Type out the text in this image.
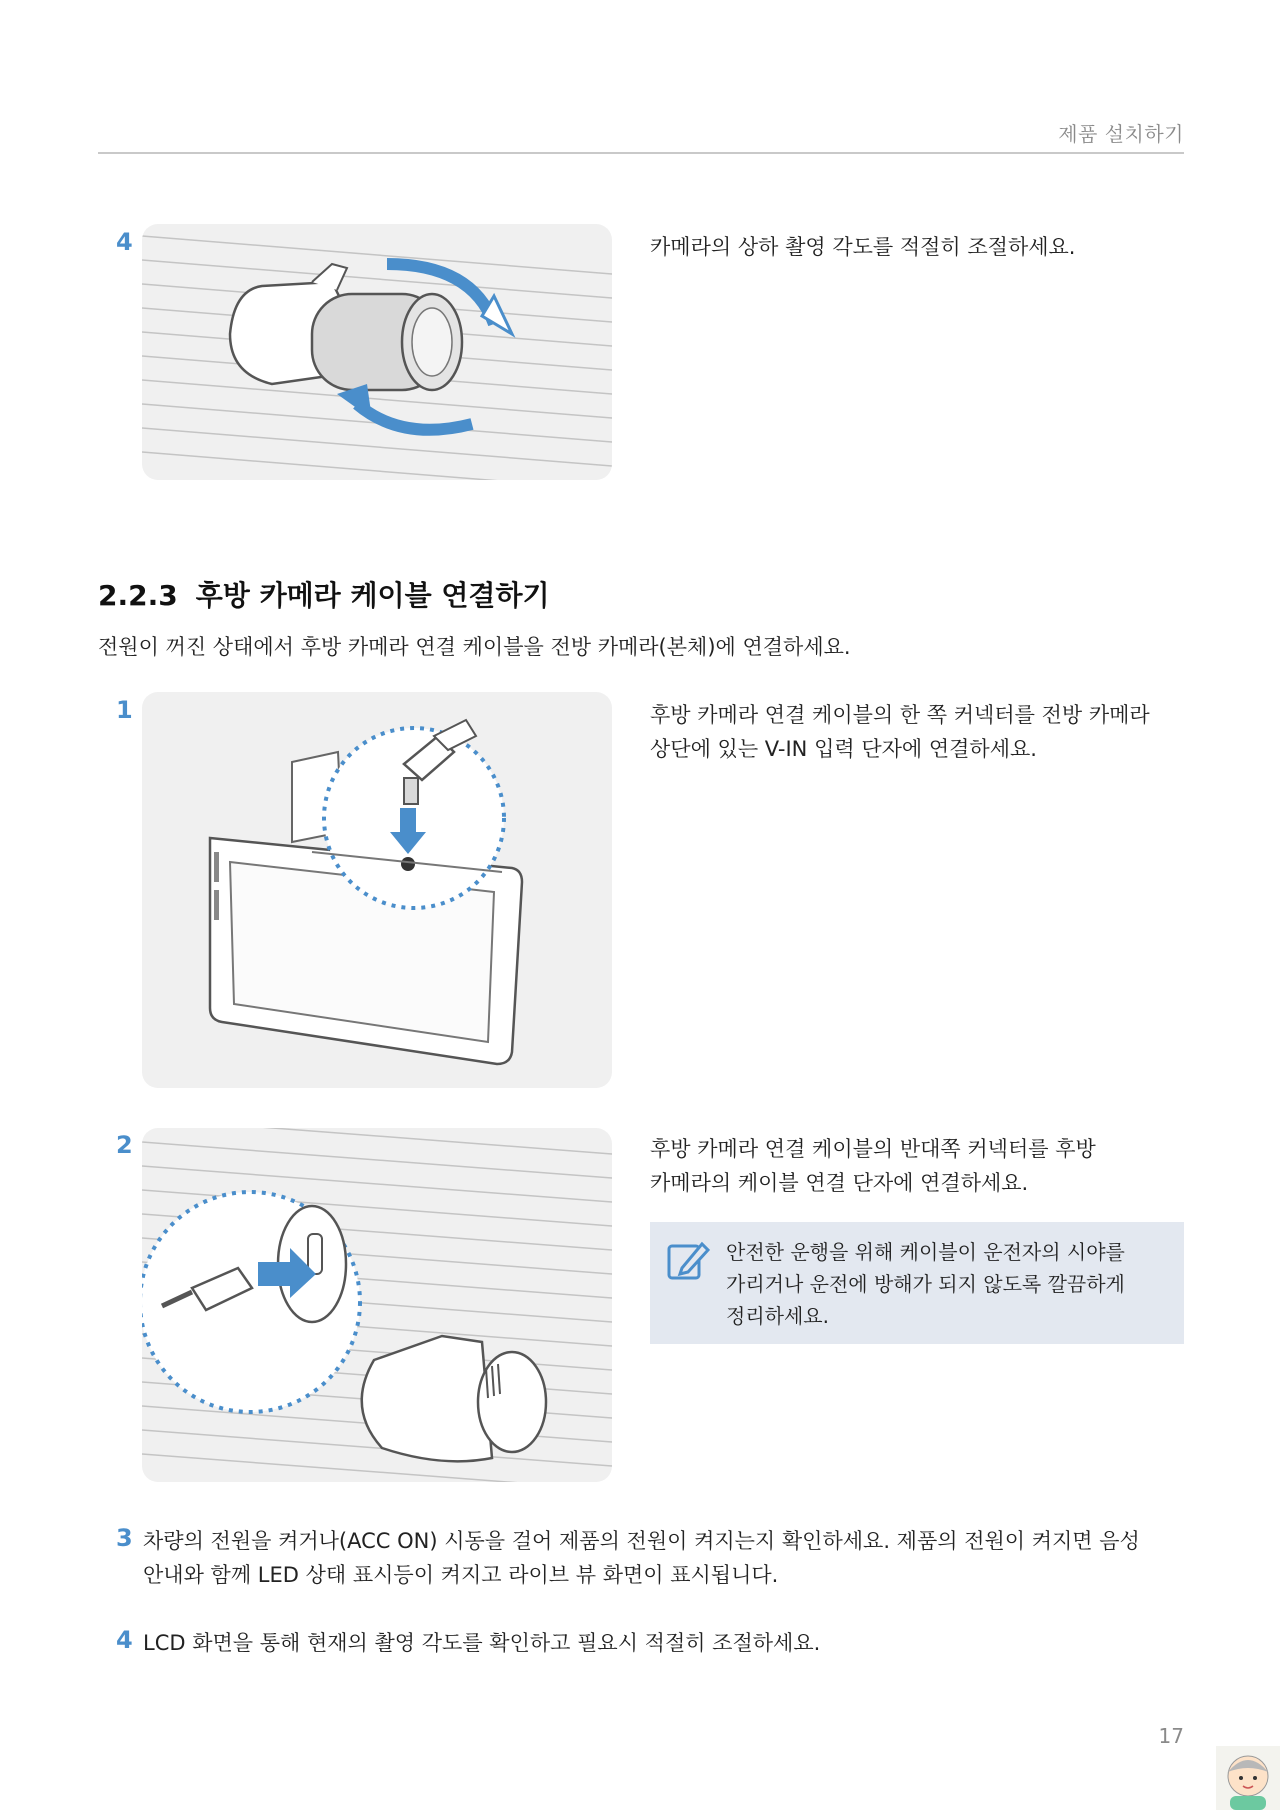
제품 설치하기
4	카메라의 상하 촬영 각도를 적절히 조절하세요.
2.2.3 후방 카메라 케이블 연결하기
전원이 꺼진 상태에서 후방 카메라 연결 케이블을 전방 카메라(본체)에 연결하세요.
1	후방 카메라 연결 케이블의 한 쪽 커넥터를 전방 카메라
상단에 있는 V-IN 입력 단자에 연결하세요.
2	후방 카메라 연결 케이블의 반대쪽 커넥터를 후방
카메라의 케이블 연결 단자에 연결하세요.
안전한 운행을 위해 케이블이 운전자의 시야를
가리거나 운전에 방해가 되지 않도록 깔끔하게
정리하세요.
3 차량의 전원을 켜거나(ACC ON) 시동을 걸어 제품의 전원이 켜지는지 확인하세요. 제품의 전원이 켜지면 음성
안내와 함께 LED 상태 표시등이 켜지고 라이브 뷰 화면이 표시됩니다.
4 LCD 화면을 통해 현재의 촬영 각도를 확인하고 필요시 적절히 조절하세요.
17
